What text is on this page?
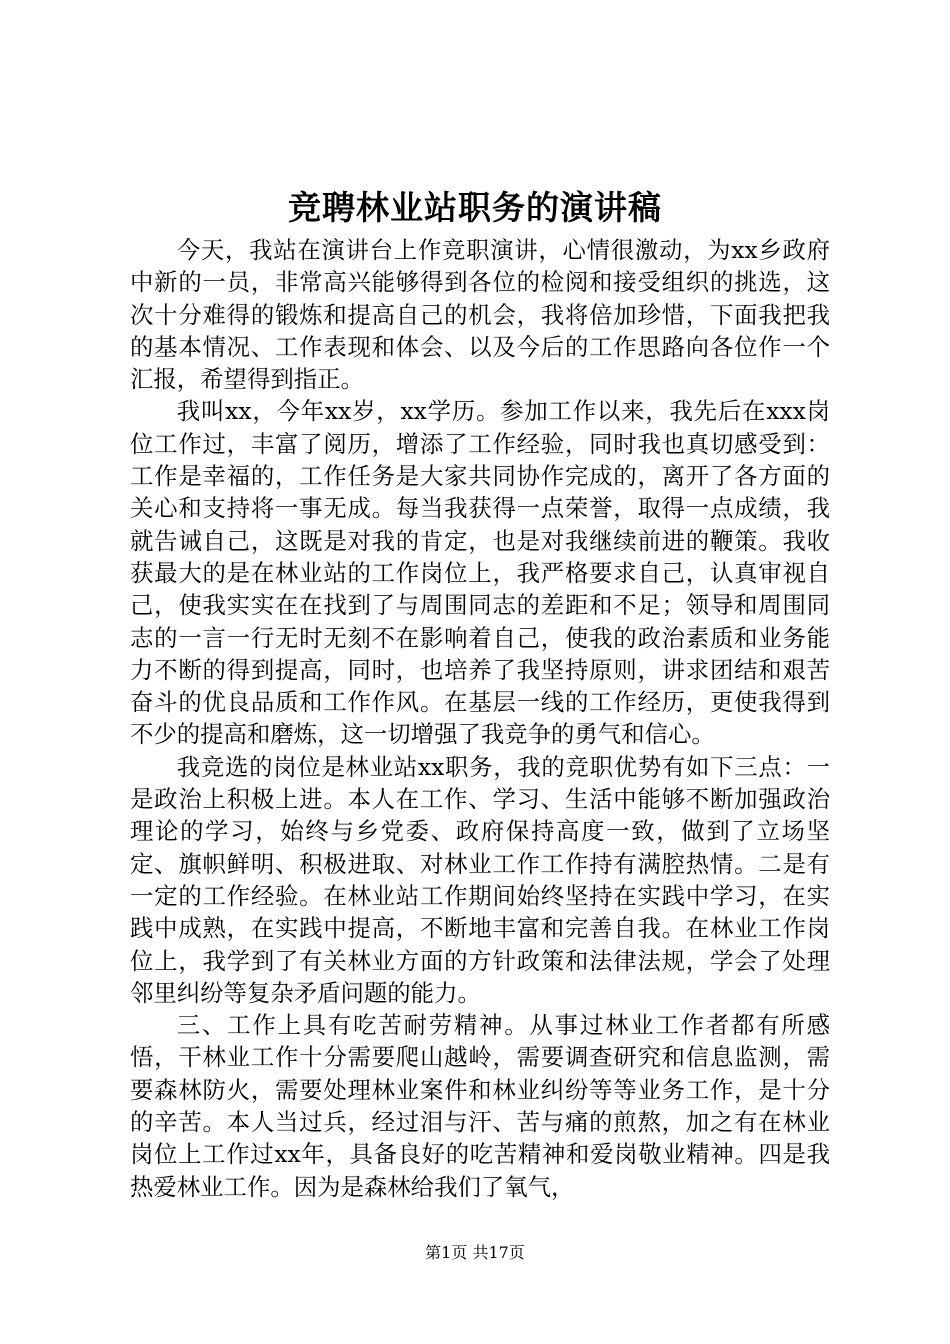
竞聘林业站职务的演讲稿

今天，我站在演讲台上作竞职演讲，心情很激动，为xx乡政府中新的一员，非常高兴能够得到各位的检阅和接受组织的挑选，这次十分难得的锻炼和提高自己的机会，我将倍加珍惜，下面我把我的基本情况、工作表现和体会、以及今后的工作思路向各位作一个汇报，希望得到指正。

我叫xx，今年xx岁，xx学历。参加工作以来，我先后在xxx岗位工作过，丰富了阅历，增添了工作经验，同时我也真切感受到：工作是幸福的，工作任务是大家共同协作完成的，离开了各方面的关心和支持将一事无成。每当我获得一点荣誉，取得一点成绩，我就告诫自己，这既是对我的肯定，也是对我继续前进的鞭策。我收获最大的是在林业站的工作岗位上，我严格要求自己，认真审视自己，使我实实在在找到了与周围同志的差距和不足；领导和周围同志的一言一行无时无刻不在影响着自己，使我的政治素质和业务能力不断的得到提高，同时，也培养了我坚持原则，讲求团结和艰苦奋斗的优良品质和工作作风。在基层一线的工作经历，更使我得到不少的提高和磨炼，这一切增强了我竞争的勇气和信心。

我竞选的岗位是林业站xx职务，我的竞职优势有如下三点：一是政治上积极上进。本人在工作、学习、生活中能够不断加强政治理论的学习，始终与乡党委、政府保持高度一致，做到了立场坚定、旗帜鲜明、积极进取、对林业工作工作持有满腔热情。二是有一定的工作经验。在林业站工作期间始终坚持在实践中学习，在实践中成熟，在实践中提高，不断地丰富和完善自我。在林业工作岗位上，我学到了有关林业方面的方针政策和法律法规，学会了处理邻里纠纷等复杂矛盾问题的能力。

三、工作上具有吃苦耐劳精神。从事过林业工作者都有所感悟，干林业工作十分需要爬山越岭，需要调查研究和信息监测，需要森林防火，需要处理林业案件和林业纠纷等等业务工作，是十分的辛苦。本人当过兵，经过泪与汗、苦与痛的煎熬，加之有在林业岗位上工作过xx年，具备良好的吃苦精神和爱岗敬业精神。四是我热爱林业工作。因为是森林给我们了氧气，

第1页 共17页
